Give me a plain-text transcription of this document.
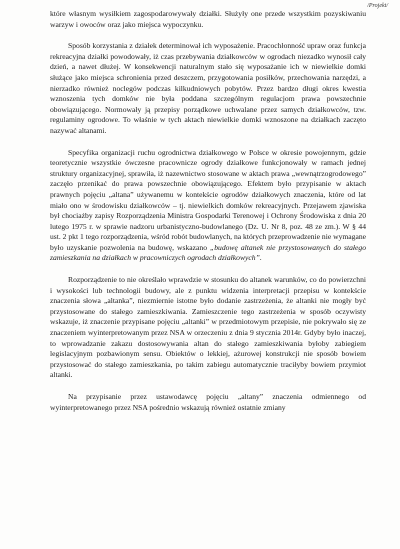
/Projekt/

które własnym wysiłkiem zagospodarowywały działki. Służyły one przede wszystkim pozyskiwaniu warzyw i owoców oraz jako miejsca wypoczynku.

Sposób korzystania z działek determinował ich wyposażenie. Pracochłonność upraw oraz funkcja rekreacyjna działki powodowały, iż czas przebywania działkowców w ogrodach niezadko wynosił cały dzień, a nawet dłużej. W konsekwencji naturalnym stało się wyposażanie ich w niewielkie domki służące jako miejsca schronienia przed deszczem, przygotowania posiłków, przechowania narzędzi, a nierzadko również noclegów podczas kilkudniowych pobytów. Przez bardzo długi okres kwestia wznoszenia tych domków nie była poddana szczególnym regulacjom prawa powszechnie obowiązującego. Normowały ją przepisy porządkowe uchwalane przez samych działkowców, tzw. regulaminy ogrodowe. To właśnie w tych aktach niewielkie domki wznoszone na działkach zaczęto nazywać altanami.

Specyfika organizacji ruchu ogrodnictwa działkowego w Polsce w okresie powojennym, gdzie teoretycznie wszystkie ówczesne pracownicze ogrody działkowe funkcjonowały w ramach jednej struktury organizacyjnej, sprawiła, iż nazewnictwo stosowane w aktach prawa „wewnątrzogrodowego” zaczęło przenikać do prawa powszechnie obowiązującego. Efektem było przypisanie w aktach prawnych pojęciu „altana” używanemu w kontekście ogrodów działkowych znaczenia, które od lat miało ono w środowisku działkowców – tj. niewielkich domków rekreacyjnych. Przejawem zjawiska był chociażby zapisy Rozporządzenia Ministra Gospodarki Terenowej i Ochrony Środowiska z dnia 20 lutego 1975 r. w sprawie nadzoru urbanistyczno-budowlanego (Dz. U. Nr 8, poz. 48 ze zm.). W § 44 ust. 2 pkt 1 tego rozporządzenia, wśród robót budowlanych, na których przeprowadzenie nie wymagane było uzyskanie pozwolenia na budowę, wskazano „budowę altanek nie przystosowanych do stałego zamieszkania na działkach w pracowniczych ogrodach działkowych”.

Rozporządzenie to nie określało wprawdzie w stosunku do altanek warunków, co do powierzchni i wysokości lub technologii budowy, ale z punktu widzenia interpretacji przepisu w kontekście znaczenia słowa „altanka”, niezmiernie istotne było dodanie zastrzeżenia, że altanki nie mogły być przystosowane do stałego zamieszkiwania. Zamieszczenie tego zastrzeżenia w sposób oczywisty wskazuje, iż znaczenie przypisane pojęciu „altanki” w przedmiotowym przepisie, nie pokrywało się ze znaczeniem wyinterpretowanym przez NSA w orzeczeniu z dnia 9 stycznia 2014r. Gdyby było inaczej, to wprowadzanie zakazu dostosowywania altan do stałego zamieszkiwania byłoby zabiegiem legislacyjnym pozbawionym sensu. Obiektów o lekkiej, ażurowej konstrukcji nie sposób bowiem przystosować do stałego zamieszkania, po takim zabiegu automatycznie traciłyby bowiem przymiot altanki.

Na przypisanie przez ustawodawcę pojęciu „altany” znaczenia odmiennego od wyinterpretowanego przez NSA pośrednio wskazują również ostatnie zmiany
